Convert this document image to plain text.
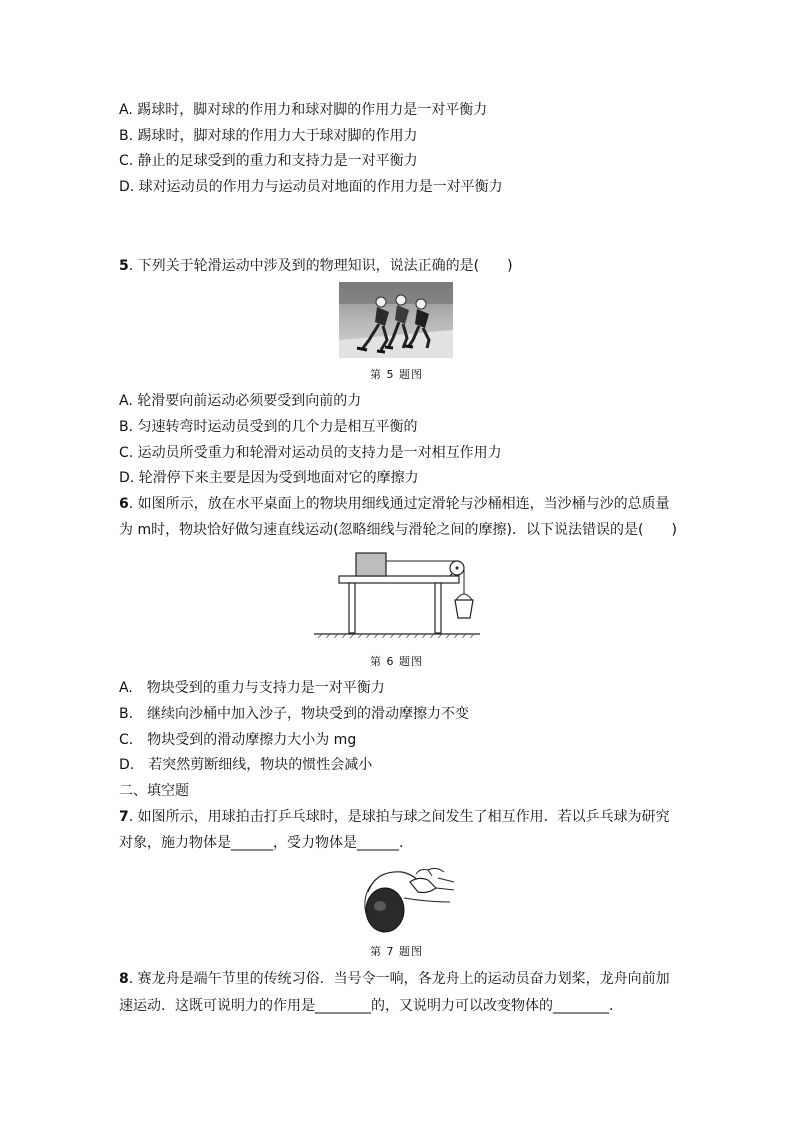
A. 踢球时，脚对球的作用力和球对脚的作用力是一对平衡力
B. 踢球时，脚对球的作用力大于球对脚的作用力
C. 静止的足球受到的重力和支持力是一对平衡力
D. 球对运动员的作用力与运动员对地面的作用力是一对平衡力
5. 下列关于轮滑运动中涉及到的物理知识，说法正确的是(　　)
第 5 题图
A. 轮滑要向前运动必须要受到向前的力
B. 匀速转弯时运动员受到的几个力是相互平衡的
C. 运动员所受重力和轮滑对运动员的支持力是一对相互作用力
D. 轮滑停下来主要是因为受到地面对它的摩擦力
6. 如图所示，放在水平桌面上的物块用细线通过定滑轮与沙桶相连，当沙桶与沙的总质量
为 m时，物块恰好做匀速直线运动(忽略细线与滑轮之间的摩擦)．以下说法错误的是(　　)
第 6 题图
A.　物块受到的重力与支持力是一对平衡力
B.　继续向沙桶中加入沙子，物块受到的滑动摩擦力不变
C.　物块受到的滑动摩擦力大小为 mg
D.　若突然剪断细线，物块的惯性会减小
二、填空题
7. 如图所示，用球拍击打乒乓球时，是球拍与球之间发生了相互作用．若以乒乓球为研究
对象，施力物体是______，受力物体是______．
第 7 题图
8. 赛龙舟是端午节里的传统习俗．当号令一响，各龙舟上的运动员奋力划桨，龙舟向前加
速运动．这既可说明力的作用是________的，又说明力可以改变物体的________．
